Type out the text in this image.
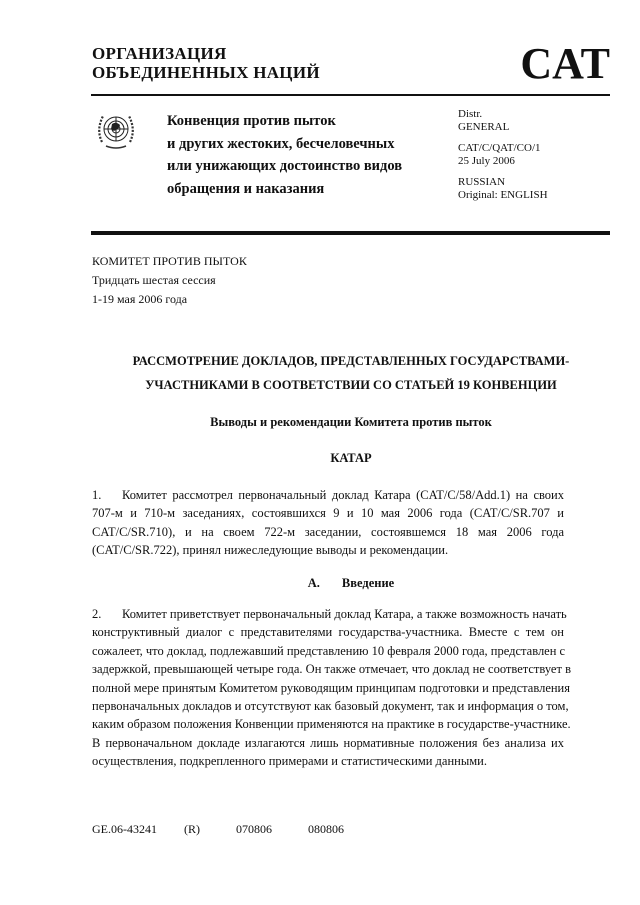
ОРГАНИЗАЦИЯ
ОБЪЕДИНЕННЫХ НАЦИЙ	CAT
Конвенция против пыток
и других жестоких, бесчеловечных
или унижающих достоинство видов
обращения и наказания
Distr.
GENERAL
CAT/C/QAT/CO/1
25 July 2006
RUSSIAN
Original: ENGLISH
КОМИТЕТ ПРОТИВ ПЫТОК
Тридцать шестая сессия
1-19 мая 2006 года
РАССМОТРЕНИЕ ДОКЛАДОВ, ПРЕДСТАВЛЕННЫХ ГОСУДАРСТВАМИ-
УЧАСТНИКАМИ В СООТВЕТСТВИИ СО СТАТЬЕЙ 19 КОНВЕНЦИИ
Выводы и рекомендации Комитета против пыток
КАТАР
1. Комитет рассмотрел первоначальный доклад Катара (CAT/C/58/Add.1) на своих
707-м и 710-м заседаниях, состоявшихся 9 и 10 мая 2006 года (CAT/C/SR.707 и
CAT/C/SR.710), и на своем 722-м заседании, состоявшемся 18 мая 2006 года
(CAT/C/SR.722), принял нижеследующие выводы и рекомендации.
A. Введение
2. Комитет приветствует первоначальный доклад Катара, а также возможность начать
конструктивный диалог с представителями государства-участника. Вместе с тем он
сожалеет, что доклад, подлежавший представлению 10 февраля 2000 года, представлен с
задержкой, превышающей четыре года. Он также отмечает, что доклад не соответствует в
полной мере принятым Комитетом руководящим принципам подготовки и представления
первоначальных докладов и отсутствуют как базовый документ, так и информация о том,
каким образом положения Конвенции применяются на практике в государстве-участнике.
В первоначальном докладе излагаются лишь нормативные положения без анализа их
осуществления, подкрепленного примерами и статистическими данными.
GE.06-43241   (R)    070806    080806
